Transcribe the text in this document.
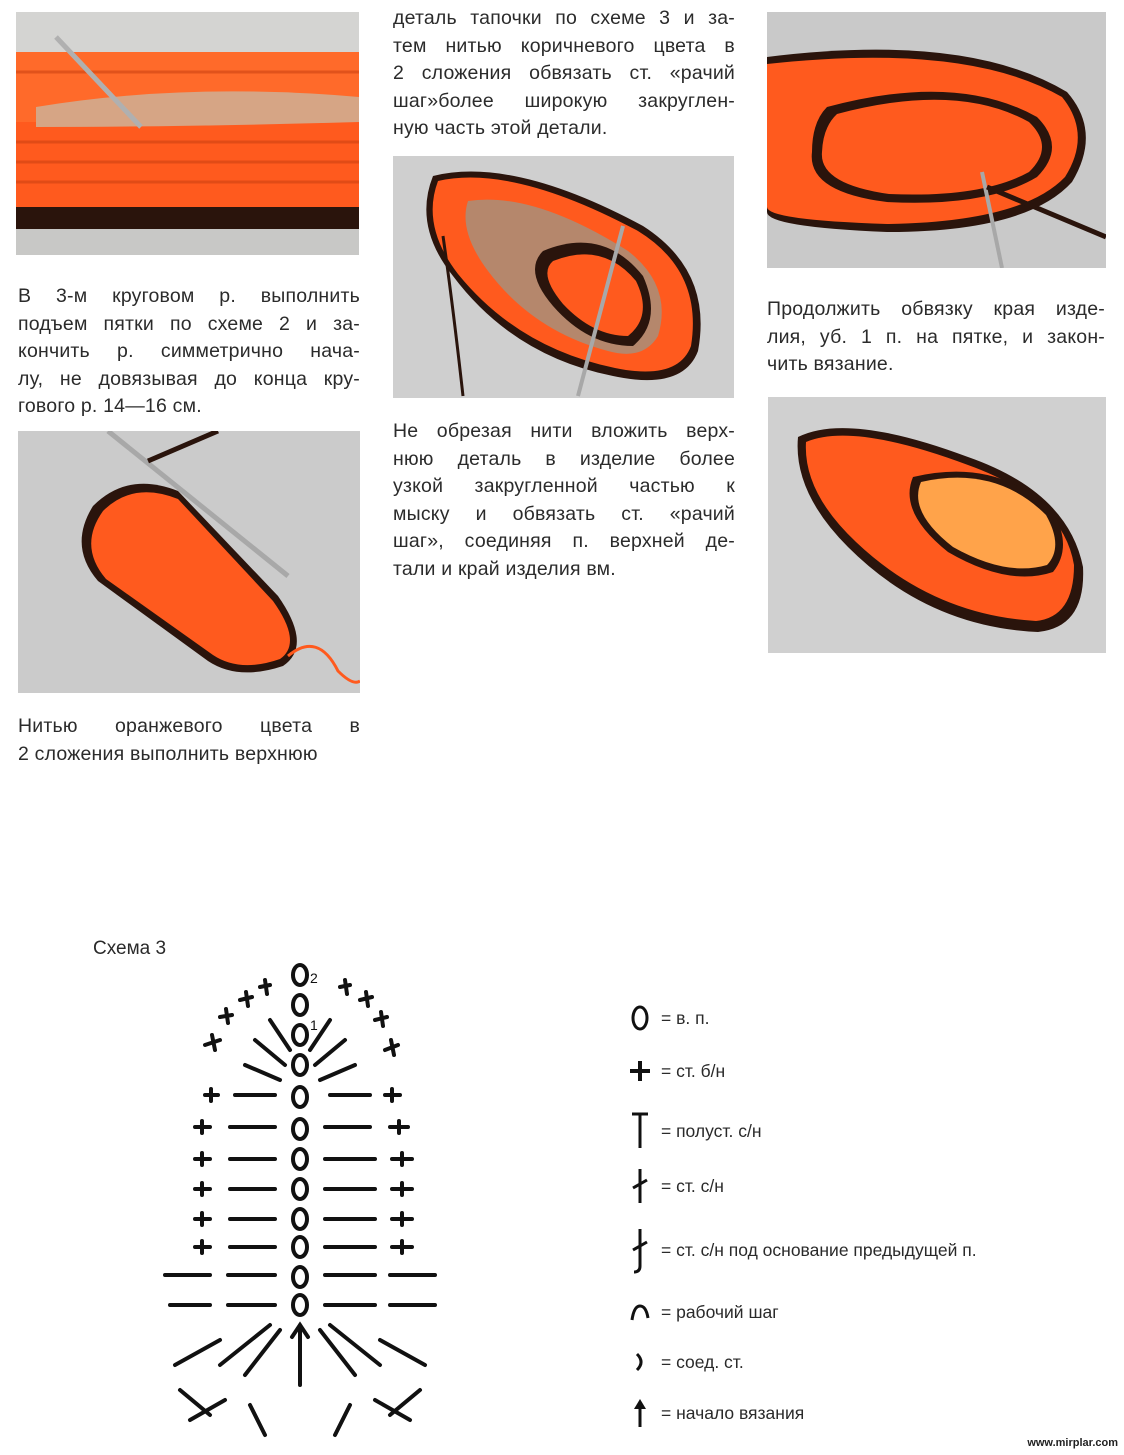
В 3-м круговом р. выполнить
подъем пятки по схеме 2 и за-
кончить р. симметрично нача-
лу, не довязывая до конца кру-
гового р. 14—16 см.
Нитью оранжевого цвета в
2 сложения выполнить верхнюю
деталь тапочки по схеме 3 и за-
тем нитью коричневого цвета в
2 сложения обвязать ст. «рачий
шаг»более широкую закруглен-
ную часть этой детали.
Не обрезая нити вложить верх-
нюю деталь в изделие более
узкой закругленной частью к
мыску и обвязать ст. «рачий
шаг», соединяя п. верхней де-
тали и край изделия вм.
Продолжить обвязку края изде-
лия, уб. 1 п. на пятке, и закон-
чить вязание.
Схема 3
2
1	= в. п.
= ст. б/н
= полуст. с/н
= ст. с/н
= ст. с/н под основание предыдущей п.
= рабочий шаг
= соед. ст.
= начало вязания
www.mirplar.com
